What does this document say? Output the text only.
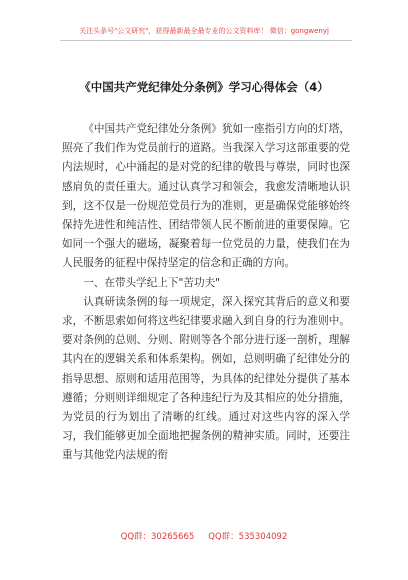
关注头条号"公文研究"，获得最新最全最专业的公文资料库！ 微信：gongwenyj
《中国共产党纪律处分条例》学习心得体会（4）

《中国共产党纪律处分条例》犹如一座指引方向的灯塔，照亮了我们作为党员前行的道路。当我深入学习这部重要的党内法规时，心中涌起的是对党的纪律的敬畏与尊崇，同时也深感肩负的责任重大。通过认真学习和领会，我愈发清晰地认识到，这不仅是一份规范党员行为的准则，更是确保党能够始终保持先进性和纯洁性、团结带领人民不断前进的重要保障。它如同一个强大的磁场，凝聚着每一位党员的力量，使我们在为人民服务的征程中保持坚定的信念和正确的方向。

一、在带头学纪上下"苦功夫"

认真研读条例的每一项规定，深入探究其背后的意义和要求，不断思索如何将这些纪律要求融入到自身的行为准则中。要对条例的总则、分则、附则等各个部分进行逐一剖析，理解其内在的逻辑关系和体系架构。例如，总则明确了纪律处分的指导思想、原则和适用范围等，为具体的纪律处分提供了基本遵循；分则则详细规定了各种违纪行为及其相应的处分措施，为党员的行为划出了清晰的红线。通过对这些内容的深入学习，我们能够更加全面地把握条例的精神实质。同时，还要注重与其他党内法规的衔

QQ群：30265665 QQ群：535304092
